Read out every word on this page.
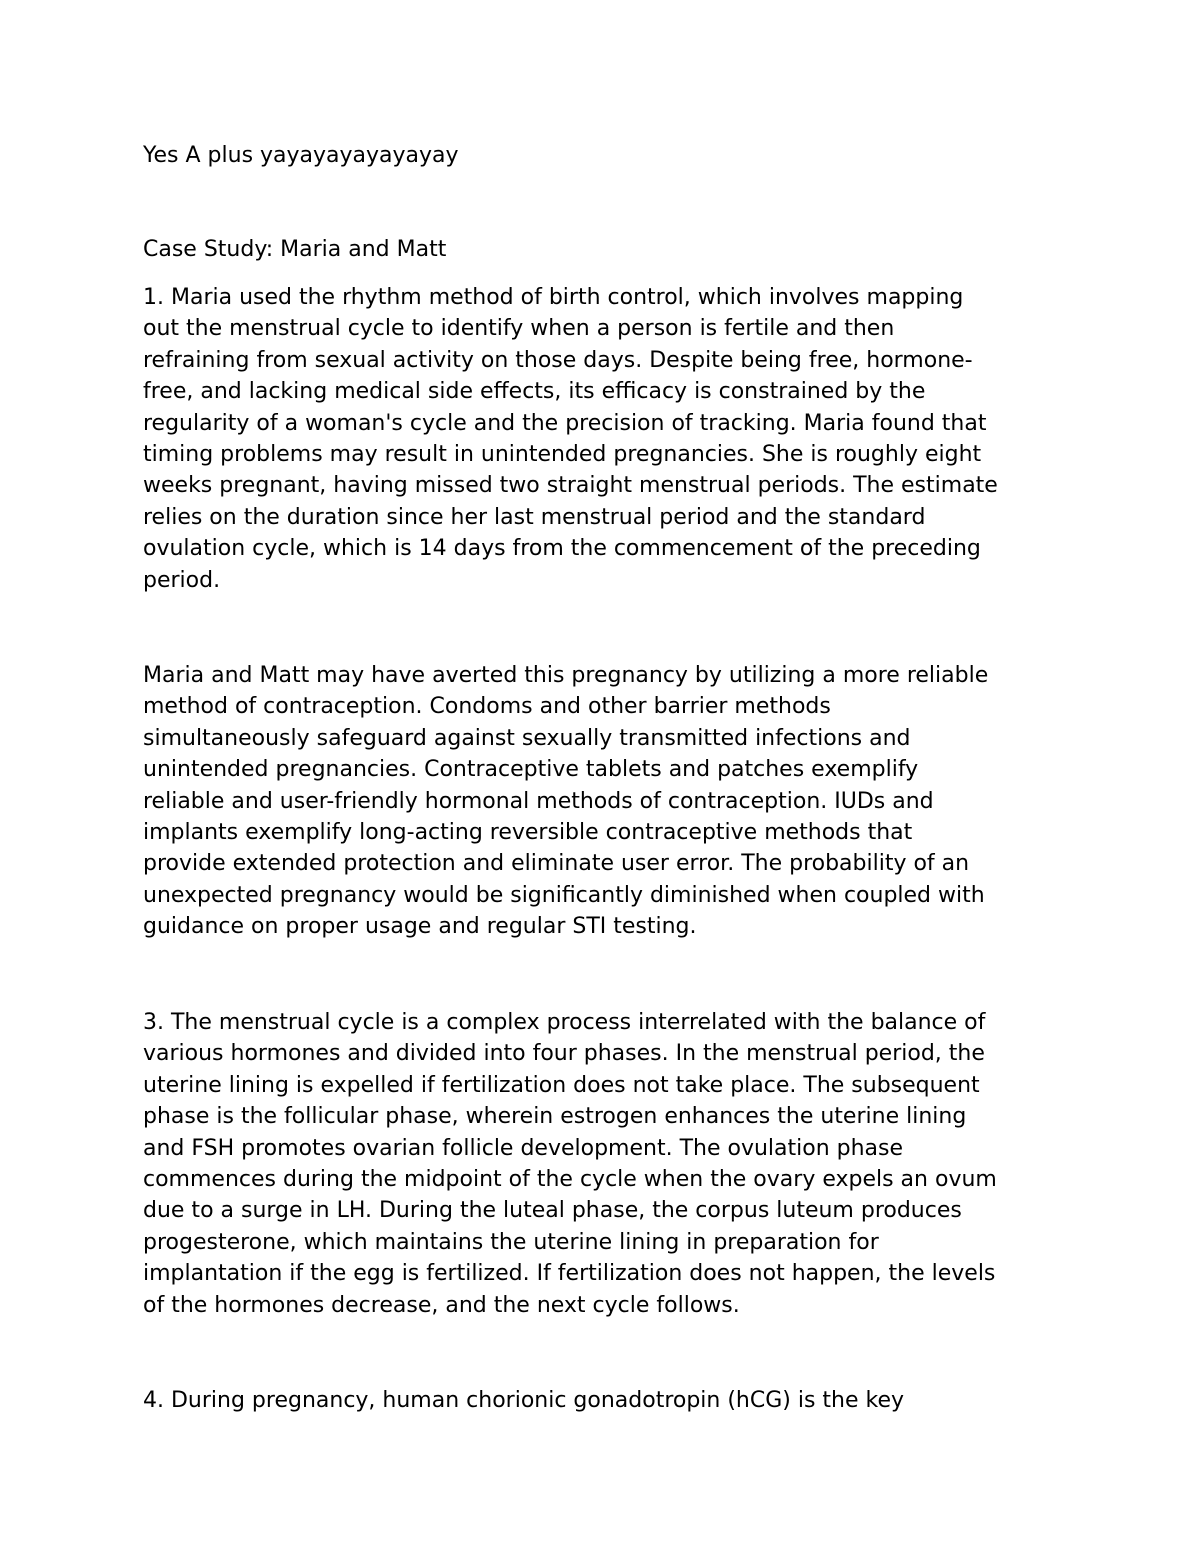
Yes A plus yayayayayayayay

Case Study: Maria and Matt

1. Maria used the rhythm method of birth control, which involves mapping
out the menstrual cycle to identify when a person is fertile and then
refraining from sexual activity on those days. Despite being free, hormone-
free, and lacking medical side effects, its efficacy is constrained by the
regularity of a woman's cycle and the precision of tracking. Maria found that
timing problems may result in unintended pregnancies. She is roughly eight
weeks pregnant, having missed two straight menstrual periods. The estimate
relies on the duration since her last menstrual period and the standard
ovulation cycle, which is 14 days from the commencement of the preceding
period.
Maria and Matt may have averted this pregnancy by utilizing a more reliable
method of contraception. Condoms and other barrier methods
simultaneously safeguard against sexually transmitted infections and
unintended pregnancies. Contraceptive tablets and patches exemplify
reliable and user-friendly hormonal methods of contraception. IUDs and
implants exemplify long-acting reversible contraceptive methods that
provide extended protection and eliminate user error. The probability of an
unexpected pregnancy would be significantly diminished when coupled with
guidance on proper usage and regular STI testing.
3. The menstrual cycle is a complex process interrelated with the balance of
various hormones and divided into four phases. In the menstrual period, the
uterine lining is expelled if fertilization does not take place. The subsequent
phase is the follicular phase, wherein estrogen enhances the uterine lining
and FSH promotes ovarian follicle development. The ovulation phase
commences during the midpoint of the cycle when the ovary expels an ovum
due to a surge in LH. During the luteal phase, the corpus luteum produces
progesterone, which maintains the uterine lining in preparation for
implantation if the egg is fertilized. If fertilization does not happen, the levels
of the hormones decrease, and the next cycle follows.
4. During pregnancy, human chorionic gonadotropin (hCG) is the key
